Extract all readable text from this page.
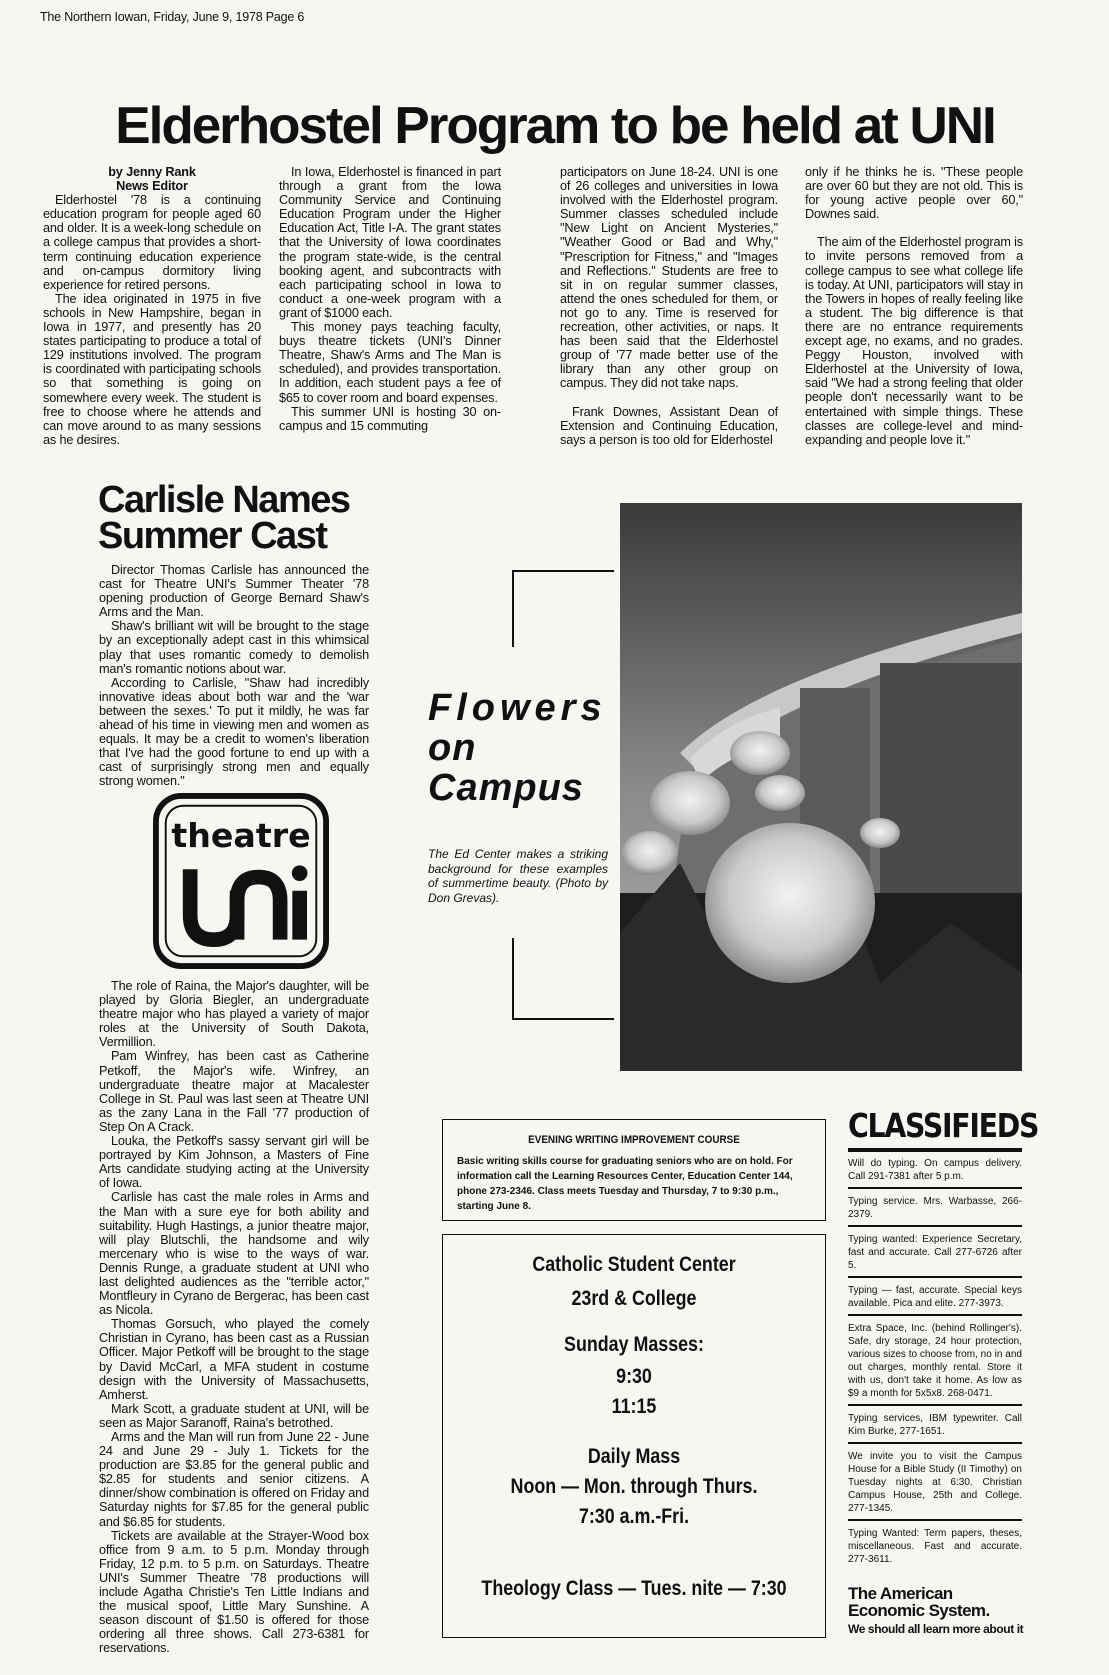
The Northern Iowan, Friday, June 9, 1978 Page 6
Elderhostel Program to be held at UNI

by Jenny Rank

News Editor

Elderhostel '78 is a continuing education program for people aged 60 and older. It is a week-long schedule on a college campus that provides a short-term continuing education experience and on-campus dormitory living experience for retired persons.

The idea originated in 1975 in five schools in New Hampshire, began in Iowa in 1977, and presently has 20 states participating to produce a total of 129 institutions involved. The program is coordinated with participating schools so that something is going on somewhere every week. The student is free to choose where he attends and can move around to as many sessions as he desires.

In Iowa, Elderhostel is financed in part through a grant from the Iowa Community Service and Continuing Education Program under the Higher Education Act, Title I-A. The grant states that the University of Iowa coordinates the program state-wide, is the central booking agent, and subcontracts with each participating school in Iowa to conduct a one-week program with a grant of $1000 each.

This money pays teaching faculty, buys theatre tickets (UNI's Dinner Theatre, Shaw's Arms and The Man is scheduled), and provides transportation. In addition, each student pays a fee of $65 to cover room and board expenses.

This summer UNI is hosting 30 on-campus and 15 commuting

participators on June 18-24. UNI is one of 26 colleges and universities in Iowa involved with the Elderhostel program. Summer classes scheduled include "New Light on Ancient Mysteries," "Weather Good or Bad and Why," "Prescription for Fitness," and "Images and Reflections." Students are free to sit in on regular summer classes, attend the ones scheduled for them, or not go to any. Time is reserved for recreation, other activities, or naps. It has been said that the Elderhostel group of '77 made better use of the library than any other group on campus. They did not take naps.

Frank Downes, Assistant Dean of Extension and Continuing Education, says a person is too old for Elderhostel

only if he thinks he is. "These people are over 60 but they are not old. This is for young active people over 60," Downes said.

The aim of the Elderhostel program is to invite persons removed from a college campus to see what college life is today. At UNI, participators will stay in the Towers in hopes of really feeling like a student. The big difference is that there are no entrance requirements except age, no exams, and no grades. Peggy Houston, involved with Elderhostel at the University of Iowa, said "We had a strong feeling that older people don't necessarily want to be entertained with simple things. These classes are college-level and mind-expanding and people love it."

Carlisle Names
Summer Cast

Director Thomas Carlisle has announced the cast for Theatre UNI's Summer Theater '78 opening production of George Bernard Shaw's Arms and the Man.

Shaw's brilliant wit will be brought to the stage by an exceptionally adept cast in this whimsical play that uses romantic comedy to demolish man's romantic notions about war.

According to Carlisle, "Shaw had incredibly innovative ideas about both war and the 'war between the sexes.' To put it mildly, he was far ahead of his time in viewing men and women as equals. It may be a credit to women's liberation that I've had the good fortune to end up with a cast of surprisingly strong men and equally strong women."

theatre
uni

The role of Raina, the Major's daughter, will be played by Gloria Biegler, an undergraduate theatre major who has played a variety of major roles at the University of South Dakota, Vermillion.

Pam Winfrey, has been cast as Catherine Petkoff, the Major's wife. Winfrey, an undergraduate theatre major at Macalester College in St. Paul was last seen at Theatre UNI as the zany Lana in the Fall '77 production of Step On A Crack.

Louka, the Petkoff's sassy servant girl will be portrayed by Kim Johnson, a Masters of Fine Arts candidate studying acting at the University of Iowa.

Carlisle has cast the male roles in Arms and the Man with a sure eye for both ability and suitability. Hugh Hastings, a junior theatre major, will play Blutschli, the handsome and wily mercenary who is wise to the ways of war. Dennis Runge, a graduate student at UNI who last delighted audiences as the "terrible actor," Montfleury in Cyrano de Bergerac, has been cast as Nicola.

Thomas Gorsuch, who played the comely Christian in Cyrano, has been cast as a Russian Officer. Major Petkoff will be brought to the stage by David McCarl, a MFA student in costume design with the University of Massachusetts, Amherst.

Mark Scott, a graduate student at UNI, will be seen as Major Saranoff, Raina's betrothed.

Arms and the Man will run from June 22 - June 24 and June 29 - July 1. Tickets for the production are $3.85 for the general public and $2.85 for students and senior citizens. A dinner/show combination is offered on Friday and Saturday nights for $7.85 for the general public and $6.85 for students.

Tickets are available at the Strayer-Wood box office from 9 a.m. to 5 p.m. Monday through Friday, 12 p.m. to 5 p.m. on Saturdays. Theatre UNI's Summer Theatre '78 productions will include Agatha Christie's Ten Little Indians and the musical spoof, Little Mary Sunshine. A season discount of $1.50 is offered for those ordering all three shows. Call 273-6381 for reservations.

Flowers
on
Campus
The Ed Center makes a striking background for these examples of summertime beauty. (Photo by Don Grevas).
EVENING WRITING IMPROVEMENT COURSE
Basic writing skills course for graduating seniors who are on hold. For information call the Learning Resources Center, Education Center 144, phone 273-2346. Class meets Tuesday and Thursday, 7 to 9:30 p.m., starting June 8.
Catholic Student Center
23rd & College
Sunday Masses:
9:30
11:15
Daily Mass
Noon — Mon. through Thurs.
7:30 a.m.-Fri.
Theology Class — Tues. nite — 7:30
CLASSIFIEDS
Will do typing. On campus delivery. Call 291-7381 after 5 p.m.
Typing service. Mrs. Warbasse, 266-2379.
Typing wanted: Experience Secretary, fast and accurate. Call 277-6726 after 5.
Typing — fast, accurate. Special keys available. Pica and elite. 277-3973.
Extra Space, Inc. (behind Rollinger's). Safe, dry storage, 24 hour protection, various sizes to choose from, no in and out charges, monthly rental. Store it with us, don't take it home. As low as $9 a month for 5x5x8. 268-0471.
Typing services, IBM typewriter. Call Kim Burke, 277-1651.
We invite you to visit the Campus House for a Bible Study (II Timothy) on Tuesday nights at 6:30. Christian Campus House, 25th and College. 277-1345.
Typing Wanted: Term papers, theses, miscellaneous. Fast and accurate. 277-3611.
The American
Economic System.
We should all learn more about it
